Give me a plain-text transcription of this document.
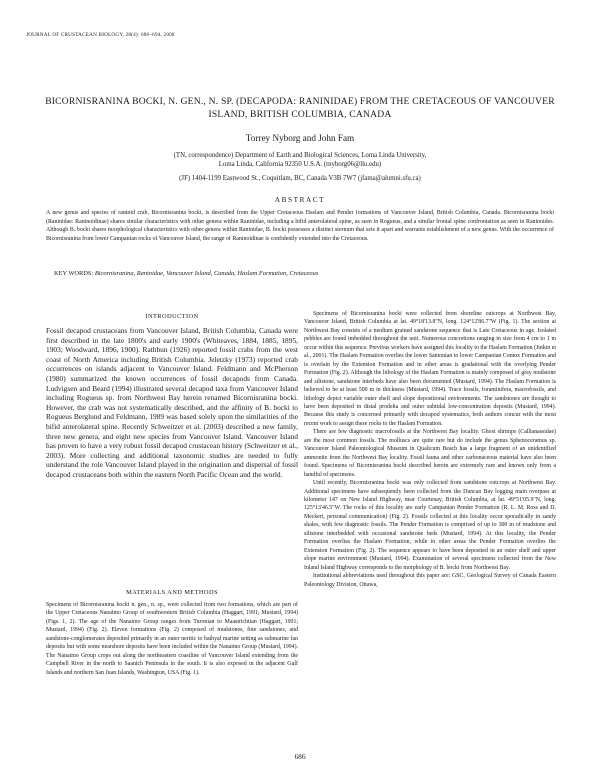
JOURNAL OF CRUSTACEAN BIOLOGY, 28(4): 686–694, 2008
BICORNISRANINA BOCKI, N. GEN., N. SP. (DECAPODA: RANINIDAE) FROM THE CRETACEOUS OF VANCOUVER ISLAND, BRITISH COLUMBIA, CANADA
Torrey Nyborg and John Fam
(TN, correspondence) Department of Earth and Biological Sciences, Loma Linda University,
Loma Linda, California 92350 U.S.A. (tnyborg06@llu.edu)
(JF) 1404-1199 Eastwood St., Coquitlam, BC, Canada V3B 7W7 (jfama@alumni.sfu.ca)
ABSTRACT
A new genus and species of raninid crab, Bicornisranina bocki, is described from the Upper Cretaceous Haslam and Pender formations of Vancouver Island, British Columbia, Canada. Bicornisranina bocki (Raninidae: Raninoidinae) shares similar characteristics with other genera within Raninidae, including a bifid anterolateral spine, as seen in Rogueus, and a similar frontal spine confrontation as seen in Raninoides. Although B. bocki shares morphological characteristics with other genera within Raninidae, B. bocki possesses a distinct sternum that sets it apart and warrants establishment of a new genus. With the occurrence of Bicornisranina from lower Campanian rocks of Vancouver Island, the range of Raninoidinae is confidently extended into the Cretaceous.
KEY WORDS: Bicornisranina, Raninidae, Vancouver Island, Canada, Haslam Formation, Cretaceous
INTRODUCTION

Fossil decapod crustaceans from Vancouver Island, British Columbia, Canada were first described in the late 1800's and early 1900's (Whiteaves, 1884, 1885, 1895, 1903; Woodward, 1896, 1900). Rathbun (1926) reported fossil crabs from the west coast of North America including British Columbia. Jeletzky (1973) reported crab occurrences on islands adjacent to Vancouver Island. Feldmann and McPherson (1980) summarized the known occurrences of fossil decapods from Canada. Ludvigsen and Beard (1994) illustrated several decapod taxa from Vancouver Island including Rogueus sp. from Northwest Bay herein renamed Bicornisranina bocki. However, the crab was not systematically described, and the affinity of B. bocki to Rogueus Berglund and Feldmann, 1989 was based solely upon the similarities of the bifid anterolateral spine. Recently Schweitzer et al. (2003) described a new family, three new genera, and eight new species from Vancouver Island. Vancouver Island has proven to have a very robust fossil decapod crustacean history (Schweitzer et al., 2003). More collecting and additional taxonomic studies are needed to fully understand the role Vancouver Island played in the origination and dispersal of fossil decapod crustaceans both within the eastern North Pacific Ocean and the world.

MATERIALS AND METHODS

Specimens of Bicornisranina bocki n. gen., n. sp., were collected from two formations, which are part of the Upper Cretaceous Nanaimo Group of southwestern British Columbia (Haggart, 1991; Mustard, 1994) (Figs. 1, 2). The age of the Nanaimo Group ranges from Turonian to Maastrichtian (Haggart, 1991; Mustard, 1994) (Fig. 2). Eleven formations (Fig. 2) composed of mudstones, fine sandstones, and sandstone-conglomerates deposited primarily in an outer neritic to bathyal marine setting as submarine fan deposits but with some nearshore deposits have been included within the Nanaimo Group (Mustard, 1994). The Nanaimo Group crops out along the northeastern coastline of Vancouver Island extending from the Campbell River in the north to Saanich Peninsula in the south. It is also exposed in the adjacent Gulf Islands and northern San Juan Islands, Washington, USA (Fig. 1).

Specimens of Bicornisranina bocki were collected from shoreline outcrops at Northwest Bay, Vancouver Island, British Columbia at lat. 49°18'13.8"N, long. 124°12'86.7"W (Fig. 1). The section at Northwest Bay consists of a medium grained sandstone sequence that is Late Cretaceous in age. Isolated pebbles are found imbedded throughout the unit. Numerous concretions ranging in size from 4 cm to 1 m occur within this sequence. Previous workers have assigned this locality to the Haslam Formation (Jinkin et al., 2001). The Haslam Formation overlies the lower Santonian to lower Campanian Comox Formation and is overlain by the Extension Formation and in other areas is gradational with the overlying Pender Formation (Fig. 2). Although the lithology of the Haslam Formation is mainly composed of gray mudstone and siltstone, sandstone interbeds have also been documented (Mustard, 1994). The Haslam Formation is believed to be at least 500 m in thickness (Mustard, 1994). Trace fossils, foraminifera, macrofossils, and lithology depict variable outer shelf and slope depositional environments. The sandstones are thought to have been deposited in distal prodelta and outer subtidal low-concentration deposits (Mustard, 1994). Because this study is concerned primarily with decapod systematics, both authors concur with the most recent work to assign these rocks to the Haslam Formation.

There are few diagnostic macrofossils at the Northwest Bay locality. Ghost shrimps (Callianassidae) are the most common fossils. The molluscs are quite rare but do include the genus Sphenoceramus sp. Vancouver Island Paleontological Museum in Qualicum Beach has a large fragment of an unidentified ammonite from the Northwest Bay locality. Fossil fauna and other carbonaceous material have also been found. Specimens of Bicornisranina bocki described herein are extremely rare and known only from a handful of specimens.

Until recently, Bicornisranina bocki was only collected from sandstone outcrops at Northwest Bay. Additional specimens have subsequently been collected from the Duncan Bay logging main overpass at kilometer 147 on New Island Highway, near Courtenay, British Columbia, at lat. 49°51'05.9"N, long. 125°13'46.5"W. The rocks of this locality are early Campanian Pender Formation (R. L. M. Ross and D. Meckert, personal communication) (Fig. 2). Fossils collected at this locality occur sporadically in sandy shales, with few diagnostic fossils. The Pender Formation is comprised of up to 300 m of mudstone and siltstone interbedded with occasional sandstone beds (Mustard, 1994). At this locality, the Pender Formation overlies the Haslam Formation, while in other areas the Pender Formation overlies the Extension Formation (Fig. 2). The sequence appears to have been deposited in an outer shelf and upper slope marine environment (Mustard, 1994). Examination of several specimens collected from the New Inland Island Highway corresponds to the morphology of B. bocki from Northwest Bay.

Institutional abbreviations used throughout this paper are: GSC, Geological Survey of Canada Eastern Paleontology Division, Ottawa,

686
